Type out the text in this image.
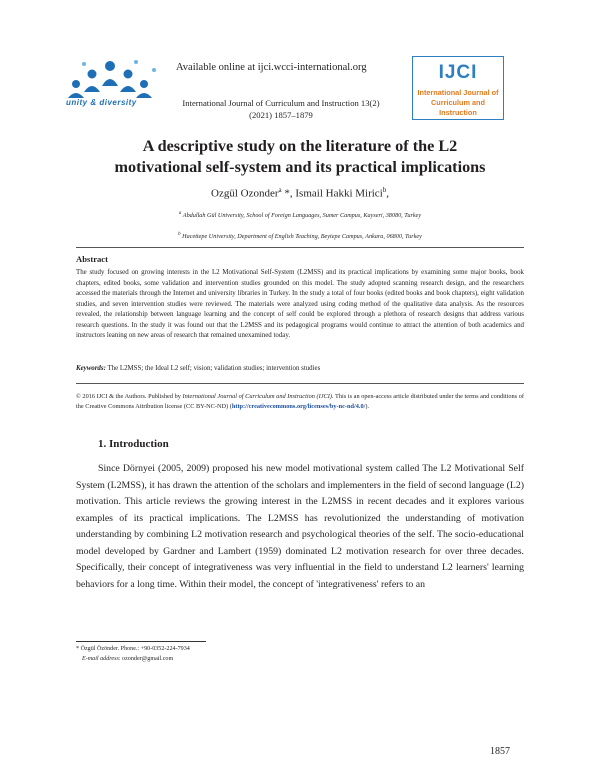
unity & diversity
Available online at ijci.wcci-international.org
International Journal of Curriculum and Instruction 13(2)
(2021) 1857–1879
IJCI
International Journal of
Curriculum and Instruction
A descriptive study on the literature of the L2
motivational self-system and its practical implications
Ozgül Ozonder$^a$ *, Ismail Hakki Mirici$^b$,
$^a$ Abdullah Gül University, School of Foreign Languages, Sumer Campus, Kayseri, 38080, Turkey
$^b$ Hacettepe University, Department of English Teaching, Beytepe Campus, Ankara, 06800, Turkey
Abstract
The study focused on growing interests in the L2 Motivational Self-System (L2MSS) and its practical implications by examining some major books, book chapters, edited books, some validation and intervention studies grounded on this model. The study adopted scanning research design, and the researchers accessed the materials through the Internet and university libraries in Turkey. In the study a total of four books (edited books and book chapters), eight validation studies, and seven intervention studies were reviewed. The materials were analyzed using coding method of the qualitative data analysis. As the resources revealed, the relationship between language learning and the concept of self could be explored through a plethora of research designs that address various research questions. In the study it was found out that the L2MSS and its pedagogical programs would continue to attract the attention of both academics and instructors leaning on new areas of research that remained unexamined today.
Keywords: The L2MSS; the Ideal L2 self; vision; validation studies; intervention studies
© 2016 IJCI & the Authors. Published by International Journal of Curriculum and Instruction (IJCI). This is an open-access article distributed under the terms and conditions of the Creative Commons Attribution license (CC BY-NC-ND) (http://creativecommons.org/licenses/by-nc-nd/4.0/).
1. Introduction

Since Dörnyei (2005, 2009) proposed his new model motivational system called The L2 Motivational Self System (L2MSS), it has drawn the attention of the scholars and implementers in the field of second language (L2) motivation. This article reviews the growing interest in the L2MSS in recent decades and it explores various examples of its practical implications. The L2MSS has revolutionized the understanding of motivation understanding by combining L2 motivation research and psychological theories of the self. The socio-educational model developed by Gardner and Lambert (1959) dominated L2 motivation research for over three decades. Specifically, their concept of integrativeness was very influential in the field to understand L2 learners' learning behaviors for a long time. Within their model, the concept of 'integrativeness' refers to an

* Özgül Özönder. Phone.: +90-0352-224-7934
E-mail address: ozonder@gmail.com
1857
